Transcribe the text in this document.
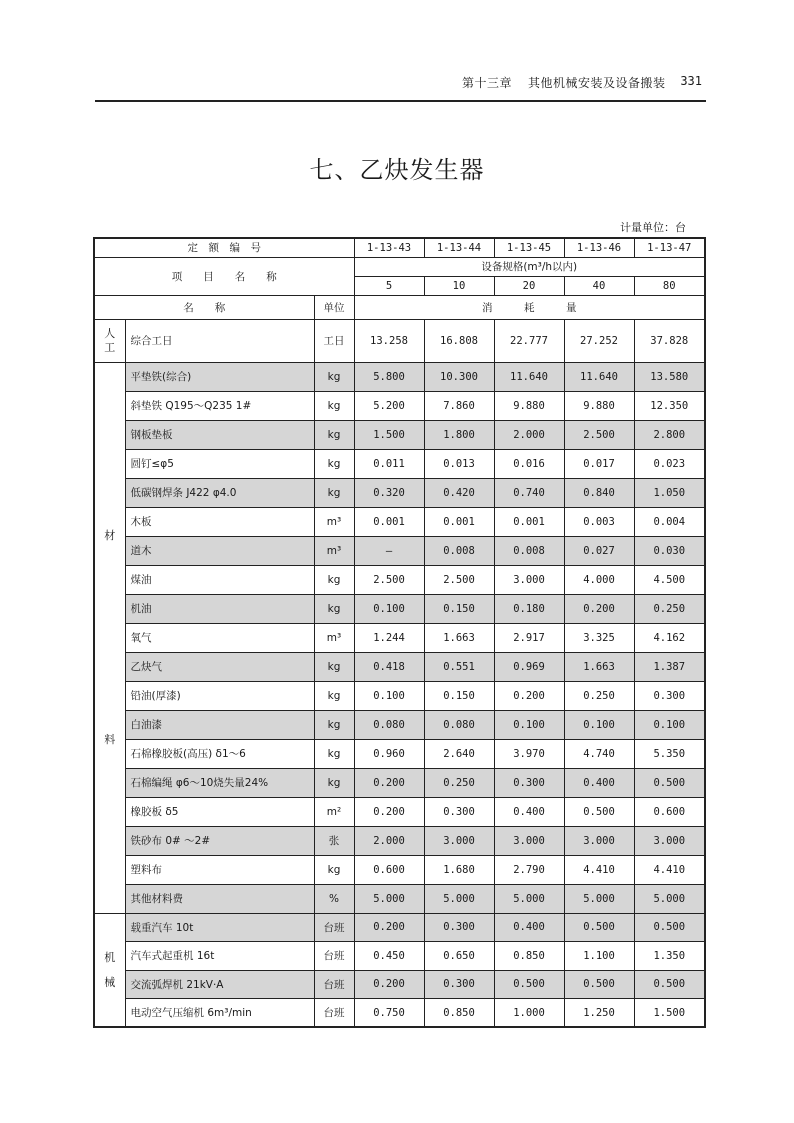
第十三章 其他机械安装及设备搬装 331
七、乙炔发生器
计量单位：台
定　额　编　号			1-13-43	1-13-44	1-13-45	1-13-46	1-13-47
项　　目　　名　　称			设备规格(m³/h以内)				
			5	10	20	40	80
名　　称		单位	消　　　耗　　　量				

人
工	综合工日	工日	13.258	16.808	22.777	27.252	37.828

材
料	平垫铁(综合)	kg	5.800	10.300	11.640	11.640	13.580
	斜垫铁 Q195～Q235 1#	kg	5.200	7.860	9.880	9.880	12.350
	钢板垫板	kg	1.500	1.800	2.000	2.500	2.800
	圆钉≤φ5	kg	0.011	0.013	0.016	0.017	0.023
	低碳钢焊条 J422 φ4.0	kg	0.320	0.420	0.740	0.840	1.050
	木板	m³	0.001	0.001	0.001	0.003	0.004
	道木	m³	—	0.008	0.008	0.027	0.030
	煤油	kg	2.500	2.500	3.000	4.000	4.500
	机油	kg	0.100	0.150	0.180	0.200	0.250
	氧气	m³	1.244	1.663	2.917	3.325	4.162
	乙炔气	kg	0.418	0.551	0.969	1.663	1.387
	铅油(厚漆)	kg	0.100	0.150	0.200	0.250	0.300
	白油漆	kg	0.080	0.080	0.100	0.100	0.100
	石棉橡胶板(高压) δ1～6	kg	0.960	2.640	3.970	4.740	5.350
	石棉编绳 φ6～10烧失量24%	kg	0.200	0.250	0.300	0.400	0.500
	橡胶板 δ5	m²	0.200	0.300	0.400	0.500	0.600
	铁砂布 0# ～2#	张	2.000	3.000	3.000	3.000	3.000
	塑料布	kg	0.600	1.680	2.790	4.410	4.410
	其他材料费	%	5.000	5.000	5.000	5.000	5.000

机
械	载重汽车 10t	台班	0.200	0.300	0.400	0.500	0.500
	汽车式起重机 16t	台班	0.450	0.650	0.850	1.100	1.350
	交流弧焊机 21kV·A	台班	0.200	0.300	0.500	0.500	0.500
	电动空气压缩机 6m³/min	台班	0.750	0.850	1.000	1.250	1.500
